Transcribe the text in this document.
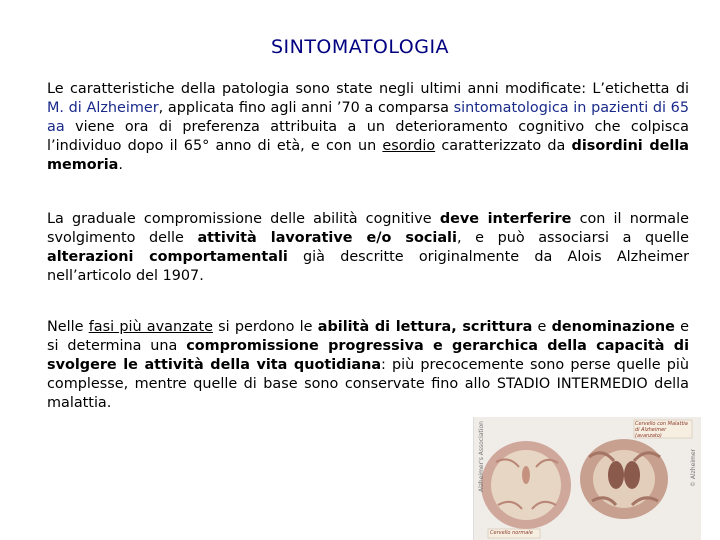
SINTOMATOLOGIA
Le caratteristiche della patologia sono state negli ultimi anni modificate: L’etichetta di M. di Alzheimer, applicata fino agli anni ’70 a comparsa sintomatologica in pazienti di 65 aa viene ora di preferenza attribuita a un deterioramento cognitivo che colpisca l’individuo dopo il 65° anno di età, e con un esordio caratterizzato da disordini della memoria.
La graduale compromissione delle abilità cognitive deve interferire con il normale svolgimento delle attività lavorative e/o sociali, e può associarsi a quelle alterazioni comportamentali già descritte originalmente da Alois Alzheimer nell’articolo del 1907.
Nelle fasi più avanzate si perdono le abilità di lettura, scrittura e denominazione e si determina una compromissione progressiva e gerarchica della capacità di svolgere le attività della vita quotidiana: più precocemente sono perse quelle più complesse, mentre quelle di base sono conservate fino allo STADIO INTERMEDIO della malattia.
Cervello con Malattia di Alzheimer (avanzato)
Cervello normale
Alzheimer's Association	© Alzheimer
